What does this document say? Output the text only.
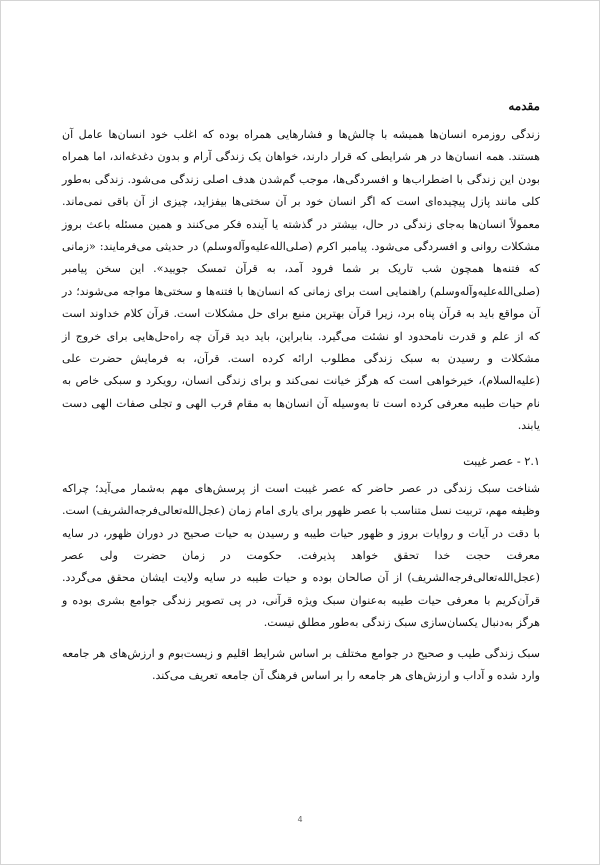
مقدمه

زندگی روزمره انسان‌ها همیشه با چالش‌ها و فشارهایی همراه بوده که اغلب خود انسان‌ها عامل آن هستند. همه انسان‌ها در هر شرایطی که قرار دارند، خواهان یک زندگی آرام و بدون دغدغه‌اند، اما همراه بودن این زندگی با اضطراب‌ها و افسردگی‌ها، موجب گم‌شدن هدف اصلی زندگی می‌شود. زندگی به‌طور کلی مانند پازل پیچیده‌ای است که اگر انسان خود بر آن سختی‌ها بیفزاید، چیزی از آن باقی نمی‌ماند. معمولاً انسان‌ها به‌جای زندگی در حال، بیشتر در گذشته یا آینده فکر می‌کنند و همین مسئله باعث بروز مشکلات روانی و افسردگی می‌شود. پیامبر اکرم (صلی‌الله‌علیه‌وآله‌وسلم) در حدیثی می‌فرمایند: «زمانی که فتنه‌ها همچون شب تاریک بر شما فرود آمد، به قرآن تمسک جویید». این سخن پیامبر (صلی‌الله‌علیه‌وآله‌وسلم) راهنمایی است برای زمانی که انسان‌ها با فتنه‌ها و سختی‌ها مواجه می‌شوند؛ در آن مواقع باید به قرآن پناه برد، زیرا قرآن بهترین منبع برای حل مشکلات است. قرآن کلام خداوند است که از علم و قدرت نامحدود او نشئت می‌گیرد. بنابراین، باید دید قرآن چه راه‌حل‌هایی برای خروج از مشکلات و رسیدن به سبک زندگی مطلوب ارائه کرده است. قرآن، به فرمایش حضرت علی (علیه‌السلام)، خیرخواهی است که هرگز خیانت نمی‌کند و برای زندگی انسان، رویکرد و سبکی خاص به نام حیات طیبه معرفی کرده است تا به‌وسیله آن انسان‌ها به مقام قرب الهی و تجلی صفات الهی دست یابند.

۲.۱ - عصر غیبت

شناخت سبک زندگی در عصر حاضر که عصر غیبت است از پرسش‌های مهم به‌شمار می‌آید؛ چراکه وظیفه مهم، تربیت نسل متناسب با عصر ظهور برای یاری امام زمان (عجل‌الله‌تعالی‌فرجه‌الشریف) است. با دقت در آیات و روایات بروز و ظهور حیات طیبه و رسیدن به حیات صحیح در دوران ظهور، در سایه معرفت حجت خدا تحقق خواهد پذیرفت. حکومت در زمان حضرت ولی عصر (عجل‌الله‌تعالی‌فرجه‌الشریف) از آن صالحان بوده و حیات طیبه در سایه ولایت ایشان محقق می‌گردد. قرآن‌کریم با معرفی حیات طیبه به‌عنوان سبک ویژه قرآنی، در پی تصویر زندگی جوامع بشری بوده و هرگز به‌دنبال یکسان‌سازی سبک زندگی به‌طور مطلق نیست.

سبک زندگی طیب و صحیح در جوامع مختلف بر اساس شرایط اقلیم و زیست‌بوم و ارزش‌های هر جامعه وارد شده و آداب و ارزش‌های هر جامعه را بر اساس فرهنگ آن جامعه تعریف می‌کند.

4
